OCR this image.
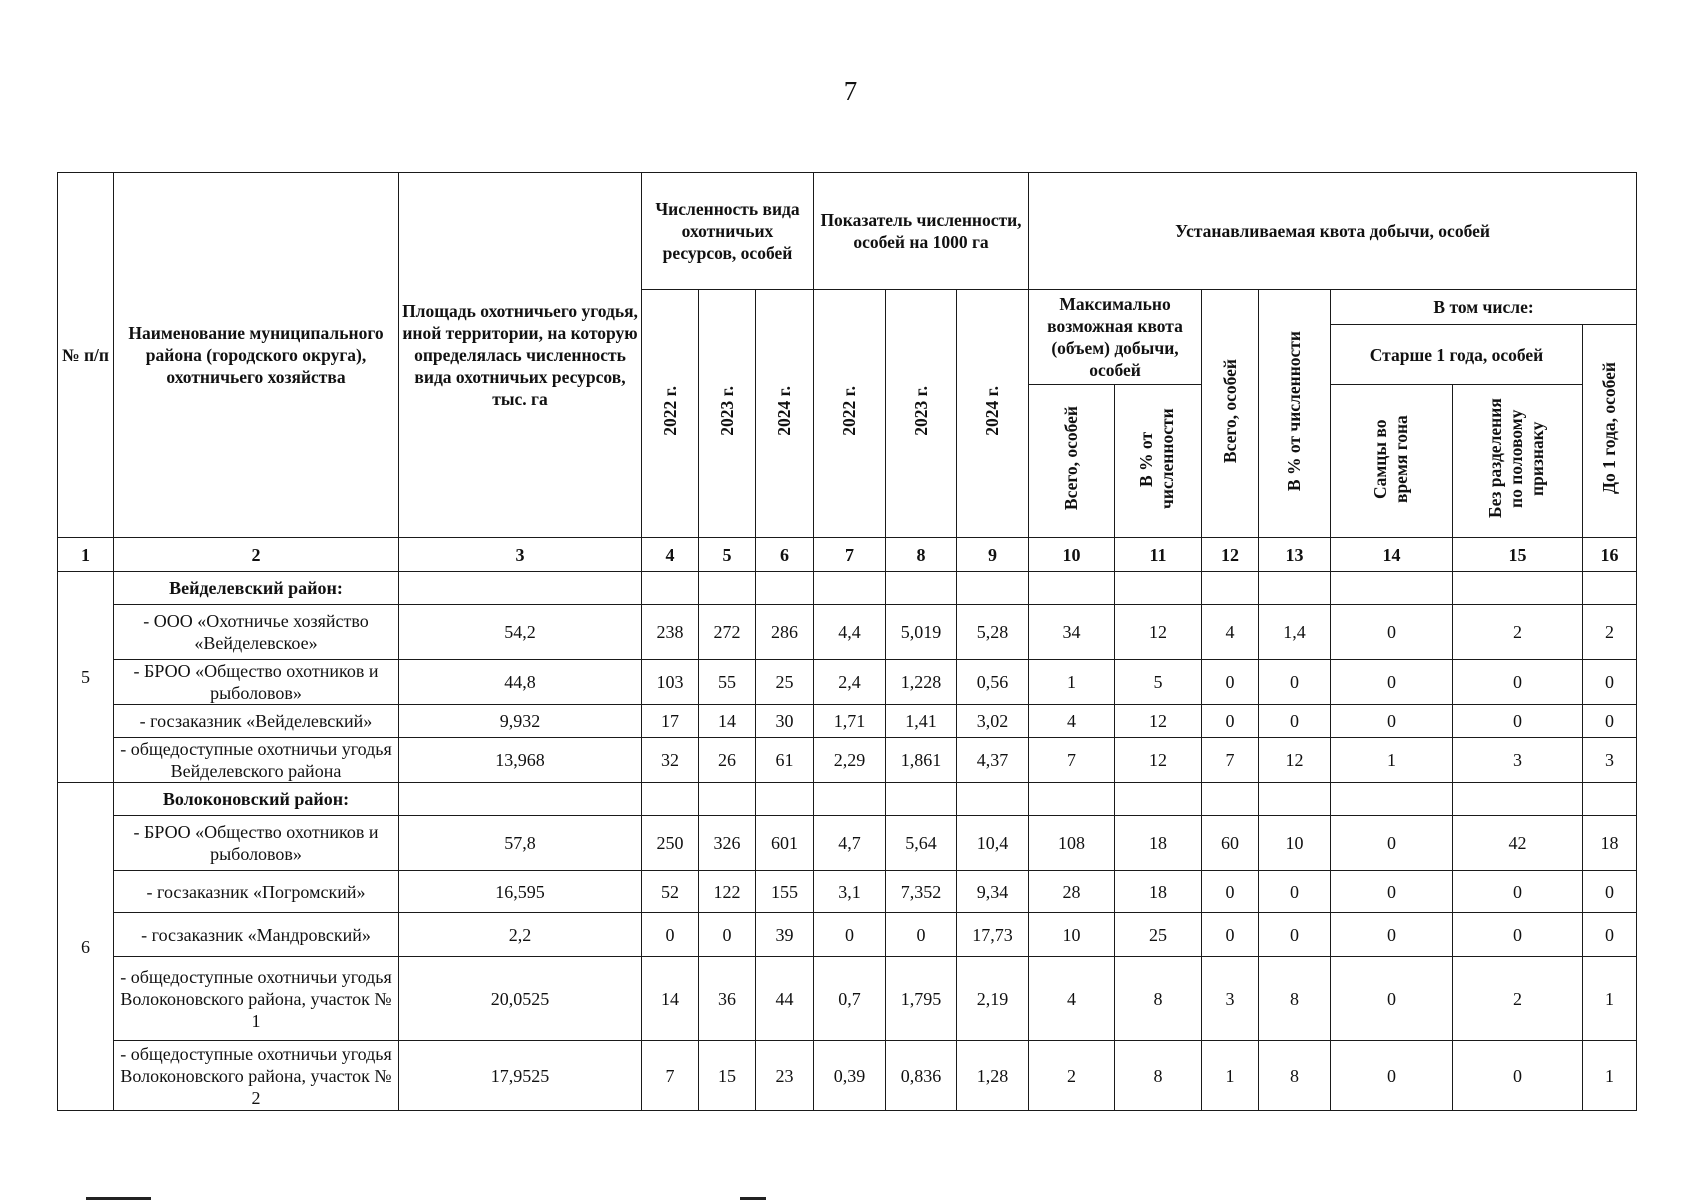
7
№ п/п	Наименование муниципального района (городского округа), охотничьего хозяйства	Площадь охотничьего угодья, иной территории, на которую определялась численность вида охотничьих ресурсов, тыс. га	Численность вида охотничьих ресурсов, особей			Показатель численности, особей на 1000 га			Устанавливаемая квота добычи, особей						
			2022 г.	2023 г.	2024 г.	2022 г.	2023 г.	2024 г.	Максимально возможная квота (объем) добычи, особей		Всего, особей	В % от численности	В том числе:		
													Старше 1 года, особей		До 1 года, особей
									Всего, особей	В % от численности			Самцы во время гона	Без разделения по половому признаку	
1	2	3	4	5	6	7	8	9	10	11	12	13	14	15	16
5	Вейделевский район:														
	- ООО «Охотничье хозяйство «Вейделевское»	54,2	238	272	286	4,4	5,019	5,28	34	12	4	1,4	0	2	2
	- БРОО «Общество охотников и рыболовов»	44,8	103	55	25	2,4	1,228	0,56	1	5	0	0	0	0	0
	- госзаказник «Вейделевский»	9,932	17	14	30	1,71	1,41	3,02	4	12	0	0	0	0	0
	- общедоступные охотничьи угодья Вейделевского района	13,968	32	26	61	2,29	1,861	4,37	7	12	7	12	1	3	3
6	Волоконовский район:														
	- БРОО «Общество охотников и рыболовов»	57,8	250	326	601	4,7	5,64	10,4	108	18	60	10	0	42	18
	- госзаказник «Погромский»	16,595	52	122	155	3,1	7,352	9,34	28	18	0	0	0	0	0
	- госзаказник «Мандровский»	2,2	0	0	39	0	0	17,73	10	25	0	0	0	0	0
	- общедоступные охотничьи угодья Волоконовского района, участок № 1	20,0525	14	36	44	0,7	1,795	2,19	4	8	3	8	0	2	1
	- общедоступные охотничьи угодья Волоконовского района, участок № 2	17,9525	7	15	23	0,39	0,836	1,28	2	8	1	8	0	0	1
